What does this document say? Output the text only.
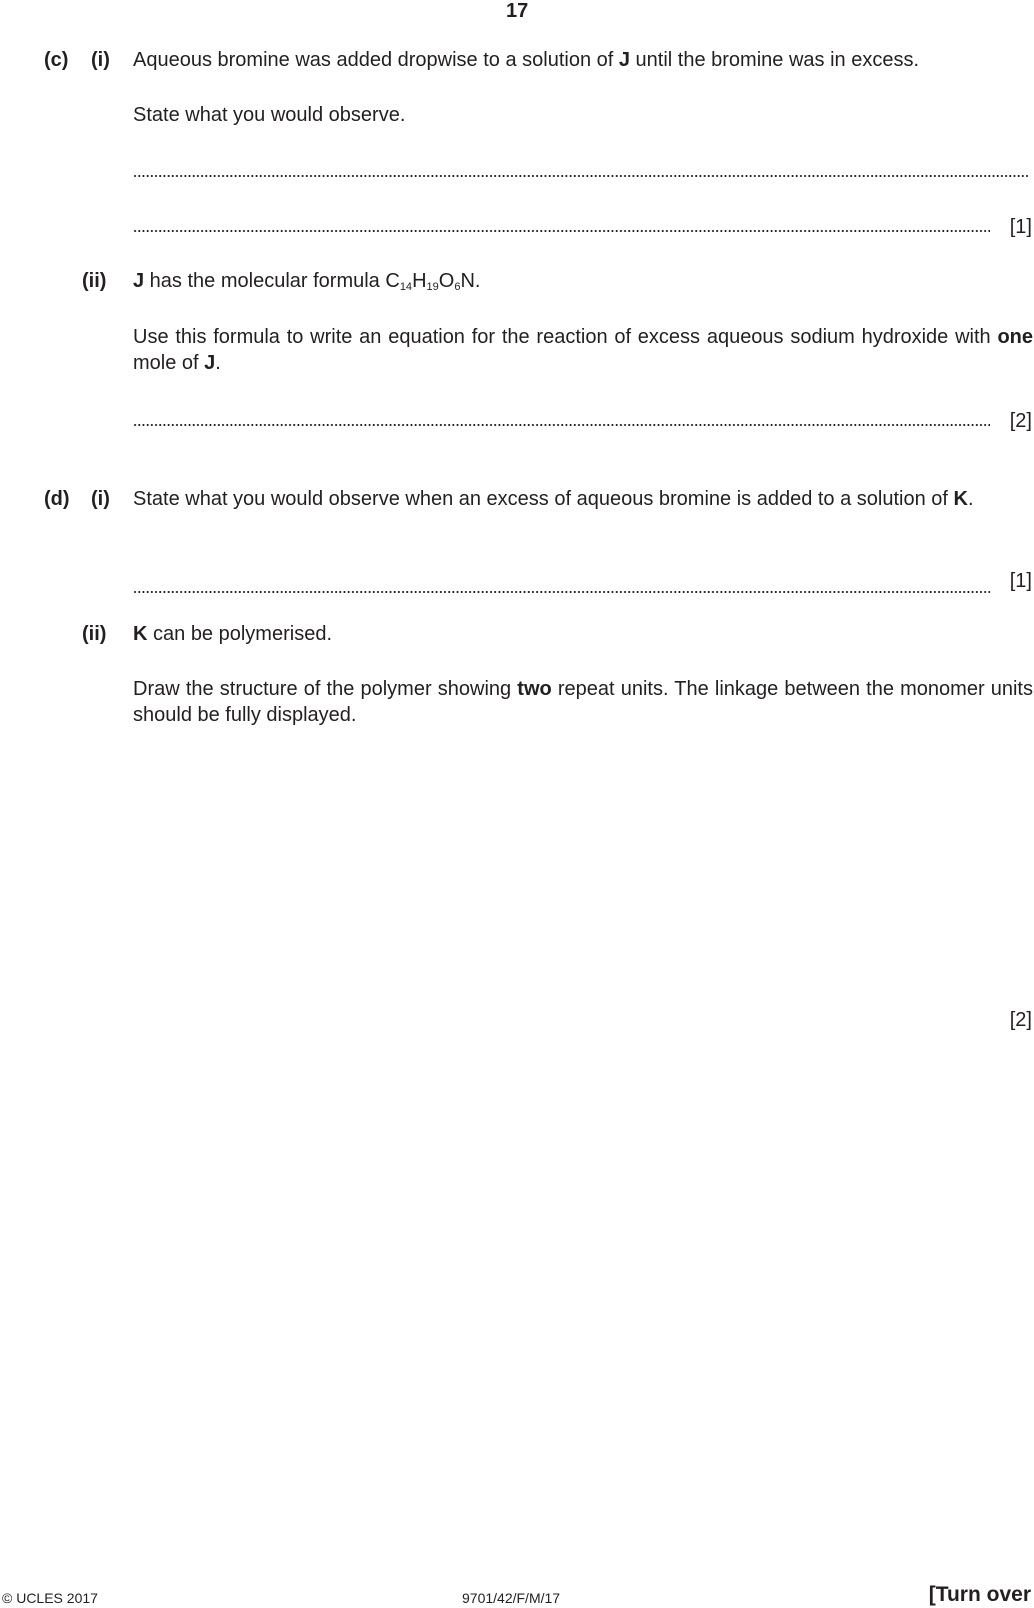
17
(c) (i) Aqueous bromine was added dropwise to a solution of J until the bromine was in excess.
State what you would observe.
[1]
(ii) J has the molecular formula $C_{14}H_{19}O_6N$.
Use this formula to write an equation for the reaction of excess aqueous sodium hydroxide with one mole of J.
[2]
(d) (i) State what you would observe when an excess of aqueous bromine is added to a solution of K.
[1]
(ii) K can be polymerised.
Draw the structure of the polymer showing two repeat units. The linkage between the monomer units should be fully displayed.
[2]
© UCLES 2017	9701/42/F/M/17	[Turn over
